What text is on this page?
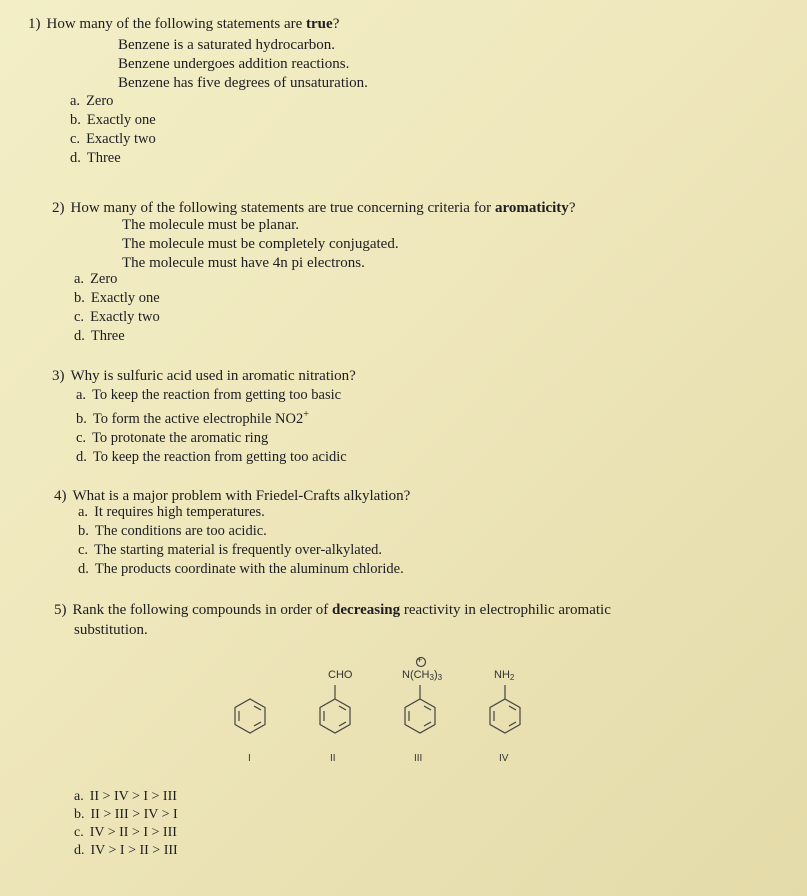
1) How many of the following statements are true?
Benzene is a saturated hydrocarbon.
Benzene undergoes addition reactions.
Benzene has five degrees of unsaturation.
a. Zero
b. Exactly one
c. Exactly two
d. Three
2) How many of the following statements are true concerning criteria for aromaticity?
The molecule must be planar.
The molecule must be completely conjugated.
The molecule must have 4n pi electrons.
a. Zero
b. Exactly one
c. Exactly two
d. Three
3) Why is sulfuric acid used in aromatic nitration?
a. To keep the reaction from getting too basic
b. To form the active electrophile NO2+
c. To protonate the aromatic ring
d. To keep the reaction from getting too acidic
4) What is a major problem with Friedel-Crafts alkylation?
a. It requires high temperatures.
b. The conditions are too acidic.
c. The starting material is frequently over-alkylated.
d. The products coordinate with the aluminum chloride.
5) Rank the following compounds in order of decreasing reactivity in electrophilic aromatic
substitution.
CHO
+
$N(CH_3)_3$	$NH_2$
I	II	III	IV
a. II > IV > I > III
b. II > III > IV > I
c. IV > II > I > III
d. IV > I > II > III
